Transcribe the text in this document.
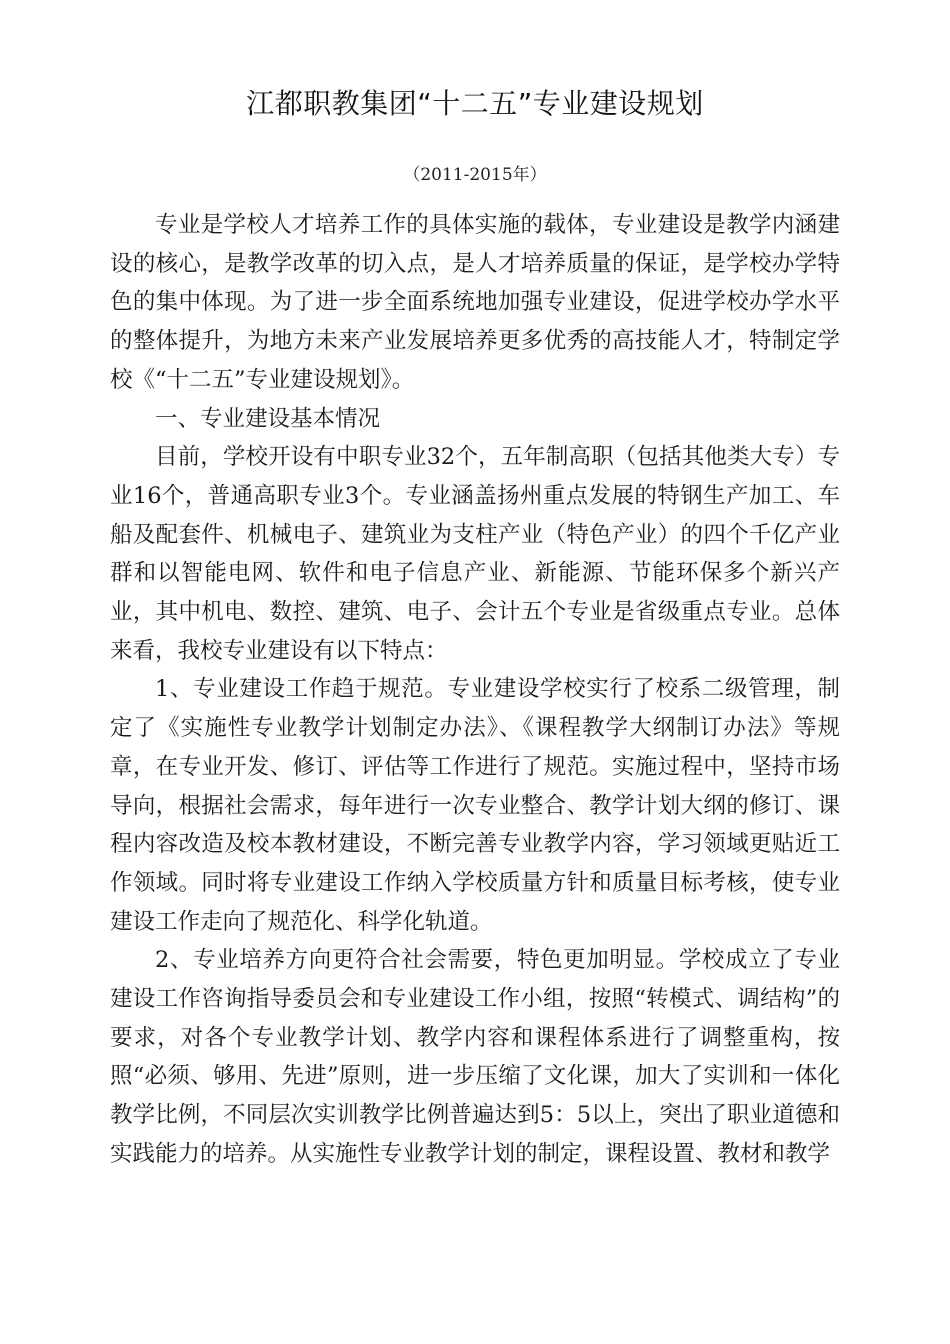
江都职教集团“十二五”专业建设规划
（2011-2015年）

专业是学校人才培养工作的具体实施的载体，专业建设是教学内涵建设的核心，是教学改革的切入点，是人才培养质量的保证，是学校办学特色的集中体现。为了进一步全面系统地加强专业建设，促进学校办学水平的整体提升，为地方未来产业发展培养更多优秀的高技能人才，特制定学校《“十二五”专业建设规划》。

一、专业建设基本情况

目前，学校开设有中职专业32个，五年制高职（包括其他类大专）专业16个，普通高职专业3个。专业涵盖扬州重点发展的特钢生产加工、车船及配套件、机械电子、建筑业为支柱产业（特色产业）的四个千亿产业群和以智能电网、软件和电子信息产业、新能源、节能环保多个新兴产业，其中机电、数控、建筑、电子、会计五个专业是省级重点专业。总体来看，我校专业建设有以下特点：

1、专业建设工作趋于规范。专业建设学校实行了校系二级管理，制定了《实施性专业教学计划制定办法》、《课程教学大纲制订办法》等规章，在专业开发、修订、评估等工作进行了规范。实施过程中，坚持市场导向，根据社会需求，每年进行一次专业整合、教学计划大纲的修订、课程内容改造及校本教材建设，不断完善专业教学内容，学习领域更贴近工作领域。同时将专业建设工作纳入学校质量方针和质量目标考核，使专业建设工作走向了规范化、科学化轨道。

2、专业培养方向更符合社会需要，特色更加明显。学校成立了专业建设工作咨询指导委员会和专业建设工作小组，按照“转模式、调结构”的要求，对各个专业教学计划、教学内容和课程体系进行了调整重构，按照“必须、够用、先进”原则，进一步压缩了文化课，加大了实训和一体化教学比例，不同层次实训教学比例普遍达到5：5以上，突出了职业道德和实践能力的培养。从实施性专业教学计划的制定，课程设置、教材和教学
